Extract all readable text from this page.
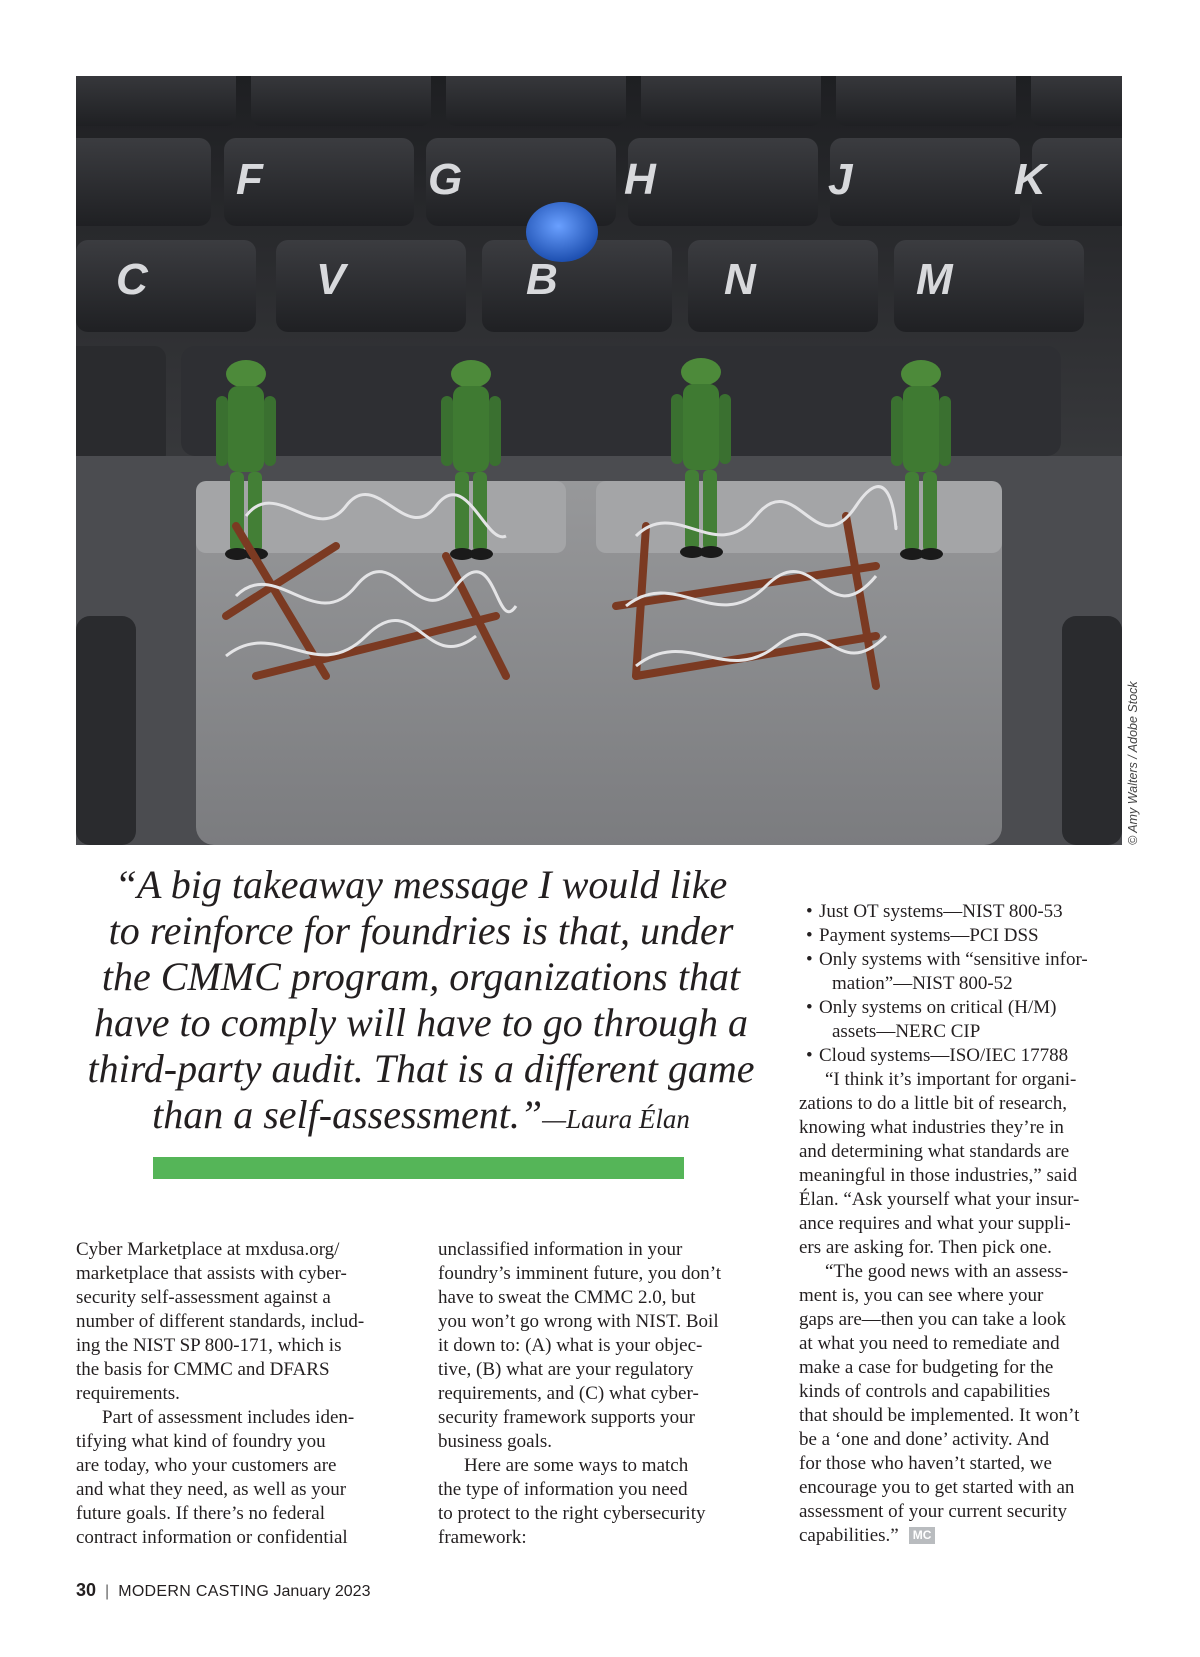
F	G	H	J	K
C	V	B	N	M
© Amy Walters / Adobe Stock
“A big takeaway message I would like
to reinforce for foundries is that, under
the CMMC program, organizations that
have to comply will have to go through a
third-party audit. That is a different game
than a self-assessment.”—Laura Élan
Cyber Marketplace at mxdusa.org/
marketplace that assists with cyber-
security self-assessment against a
number of different standards, includ-
ing the NIST SP 800-171, which is
the basis for CMMC and DFARS
requirements.
Part of assessment includes iden-
tifying what kind of foundry you
are today, who your customers are
and what they need, as well as your
future goals. If there’s no federal
contract information or confidential
unclassified information in your
foundry’s imminent future, you don’t
have to sweat the CMMC 2.0, but
you won’t go wrong with NIST. Boil
it down to: (A) what is your objec-
tive, (B) what are your regulatory
requirements, and (C) what cyber-
security framework supports your
business goals.
Here are some ways to match
the type of information you need
to protect to the right cybersecurity
framework:
• Just OT systems—NIST 800-53
• Payment systems—PCI DSS
• Only systems with “sensitive infor-
mation”—NIST 800-52
• Only systems on critical (H/M)
assets—NERC CIP
• Cloud systems—ISO/IEC 17788
“I think it’s important for organi-
zations to do a little bit of research,
knowing what industries they’re in
and determining what standards are
meaningful in those industries,” said
Élan. “Ask yourself what your insur-
ance requires and what your suppli-
ers are asking for. Then pick one.
“The good news with an assess-
ment is, you can see where your
gaps are—then you can take a look
at what you need to remediate and
make a case for budgeting for the
kinds of controls and capabilities
that should be implemented. It won’t
be a ‘one and done’ activity. And
for those who haven’t started, we
encourage you to get started with an
assessment of your current security
capabilities.” MC
30 | MODERN CASTING January 2023
